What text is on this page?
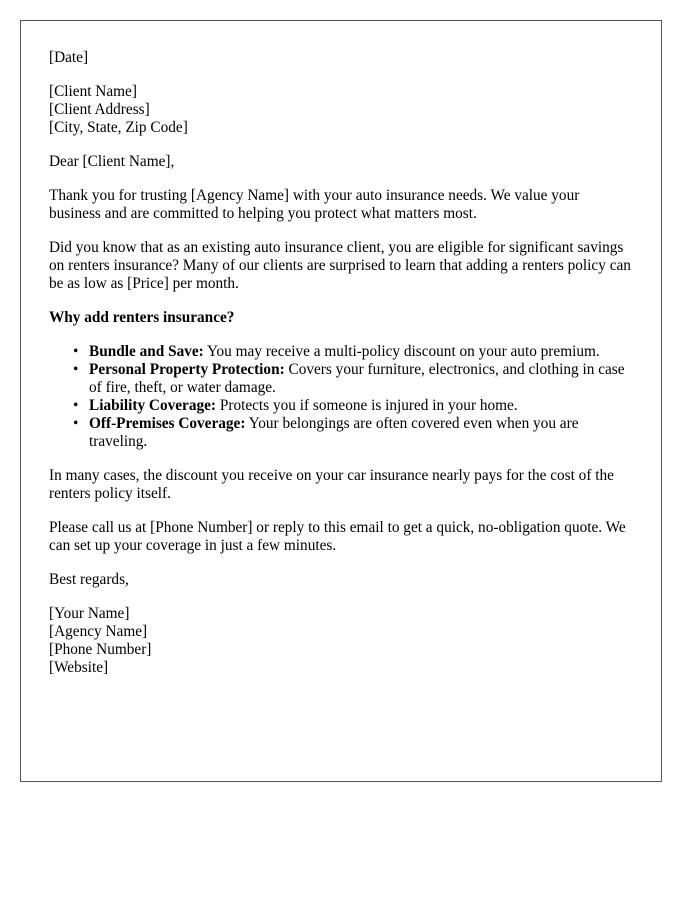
[Date]
[Client Name]
[Client Address]
[City, State, Zip Code]

Dear [Client Name],

Thank you for trusting [Agency Name] with your auto insurance needs. We value your business and are committed to helping you protect what matters most.

Did you know that as an existing auto insurance client, you are eligible for significant savings on renters insurance? Many of our clients are surprised to learn that adding a renters policy can be as low as [Price] per month.

Why add renters insurance?

• Bundle and Save: You may receive a multi-policy discount on your auto premium.
• Personal Property Protection: Covers your furniture, electronics, and clothing in case of fire, theft, or water damage.
• Liability Coverage: Protects you if someone is injured in your home.
• Off-Premises Coverage: Your belongings are often covered even when you are traveling.

In many cases, the discount you receive on your car insurance nearly pays for the cost of the renters policy itself.

Please call us at [Phone Number] or reply to this email to get a quick, no-obligation quote. We can set up your coverage in just a few minutes.

Best regards,

[Your Name]
[Agency Name]
[Phone Number]
[Website]
